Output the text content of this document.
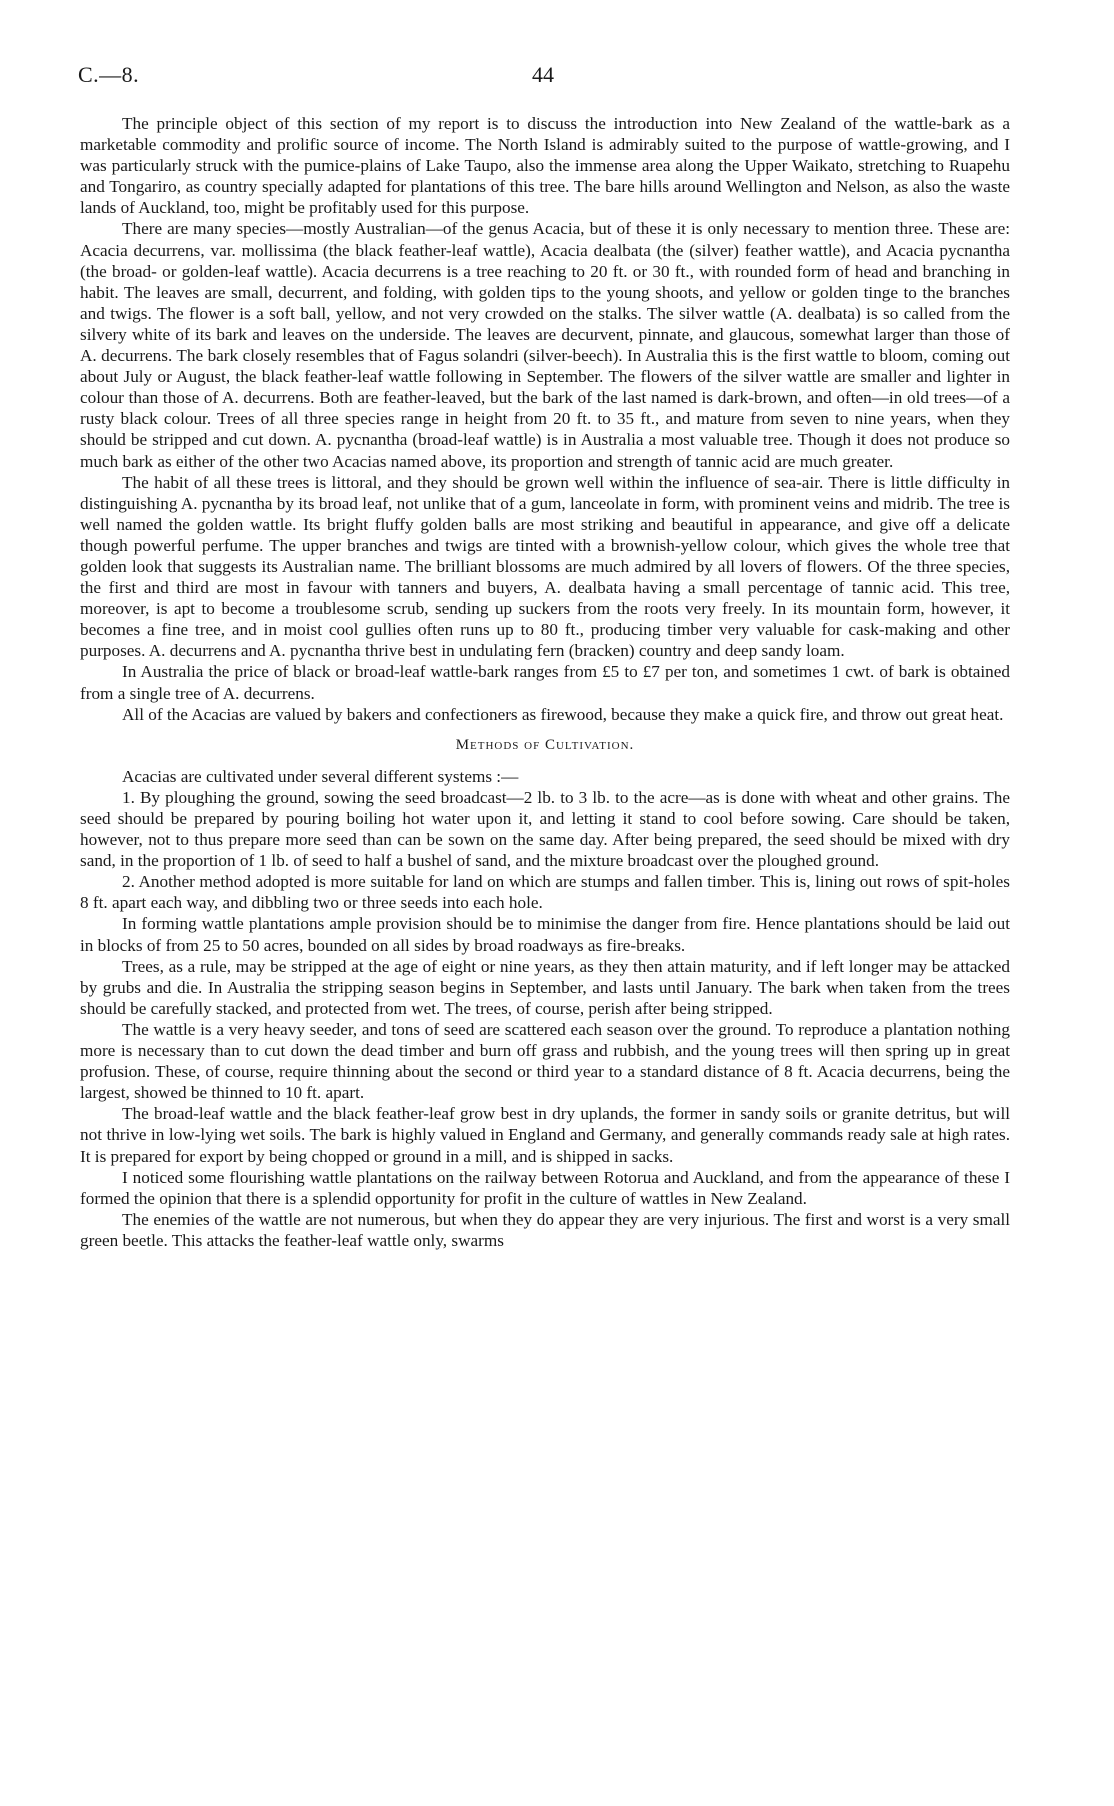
C.—8.	44

The principle object of this section of my report is to discuss the introduction into New Zealand of the wattle-bark as a marketable commodity and prolific source of income. The North Island is admirably suited to the purpose of wattle-growing, and I was particularly struck with the pumice-plains of Lake Taupo, also the immense area along the Upper Waikato, stretching to Ruapehu and Tongariro, as country specially adapted for plantations of this tree. The bare hills around Wellington and Nelson, as also the waste lands of Auckland, too, might be profitably used for this purpose.

There are many species—mostly Australian—of the genus Acacia, but of these it is only necessary to mention three. These are: Acacia decurrens, var. mollissima (the black feather-leaf wattle), Acacia dealbata (the (silver) feather wattle), and Acacia pycnantha (the broad- or golden-leaf wattle). Acacia decurrens is a tree reaching to 20 ft. or 30 ft., with rounded form of head and branching in habit. The leaves are small, decurrent, and folding, with golden tips to the young shoots, and yellow or golden tinge to the branches and twigs. The flower is a soft ball, yellow, and not very crowded on the stalks. The silver wattle (A. dealbata) is so called from the silvery white of its bark and leaves on the underside. The leaves are decurvent, pinnate, and glaucous, somewhat larger than those of A. decurrens. The bark closely resembles that of Fagus solandri (silver-beech). In Australia this is the first wattle to bloom, coming out about July or August, the black feather-leaf wattle following in September. The flowers of the silver wattle are smaller and lighter in colour than those of A. decurrens. Both are feather-leaved, but the bark of the last named is dark-brown, and often—in old trees—of a rusty black colour. Trees of all three species range in height from 20 ft. to 35 ft., and mature from seven to nine years, when they should be stripped and cut down. A. pycnantha (broad-leaf wattle) is in Australia a most valuable tree. Though it does not produce so much bark as either of the other two Acacias named above, its proportion and strength of tannic acid are much greater.

The habit of all these trees is littoral, and they should be grown well within the influence of sea-air. There is little difficulty in distinguishing A. pycnantha by its broad leaf, not unlike that of a gum, lanceolate in form, with prominent veins and midrib. The tree is well named the golden wattle. Its bright fluffy golden balls are most striking and beautiful in appearance, and give off a delicate though powerful perfume. The upper branches and twigs are tinted with a brownish-yellow colour, which gives the whole tree that golden look that suggests its Australian name. The brilliant blossoms are much admired by all lovers of flowers. Of the three species, the first and third are most in favour with tanners and buyers, A. dealbata having a small percentage of tannic acid. This tree, moreover, is apt to become a troublesome scrub, sending up suckers from the roots very freely. In its mountain form, however, it becomes a fine tree, and in moist cool gullies often runs up to 80 ft., producing timber very valuable for cask-making and other purposes. A. decurrens and A. pycnantha thrive best in undulating fern (bracken) country and deep sandy loam.

In Australia the price of black or broad-leaf wattle-bark ranges from £5 to £7 per ton, and sometimes 1 cwt. of bark is obtained from a single tree of A. decurrens.

All of the Acacias are valued by bakers and confectioners as firewood, because they make a quick fire, and throw out great heat.

Methods of Cultivation.

Acacias are cultivated under several different systems :—

1. By ploughing the ground, sowing the seed broadcast—2 lb. to 3 lb. to the acre—as is done with wheat and other grains. The seed should be prepared by pouring boiling hot water upon it, and letting it stand to cool before sowing. Care should be taken, however, not to thus prepare more seed than can be sown on the same day. After being prepared, the seed should be mixed with dry sand, in the proportion of 1 lb. of seed to half a bushel of sand, and the mixture broadcast over the ploughed ground.

2. Another method adopted is more suitable for land on which are stumps and fallen timber. This is, lining out rows of spit-holes 8 ft. apart each way, and dibbling two or three seeds into each hole.

In forming wattle plantations ample provision should be to minimise the danger from fire. Hence plantations should be laid out in blocks of from 25 to 50 acres, bounded on all sides by broad roadways as fire-breaks.

Trees, as a rule, may be stripped at the age of eight or nine years, as they then attain maturity, and if left longer may be attacked by grubs and die. In Australia the stripping season begins in September, and lasts until January. The bark when taken from the trees should be carefully stacked, and protected from wet. The trees, of course, perish after being stripped.

The wattle is a very heavy seeder, and tons of seed are scattered each season over the ground. To reproduce a plantation nothing more is necessary than to cut down the dead timber and burn off grass and rubbish, and the young trees will then spring up in great profusion. These, of course, require thinning about the second or third year to a standard distance of 8 ft. Acacia decurrens, being the largest, showed be thinned to 10 ft. apart.

The broad-leaf wattle and the black feather-leaf grow best in dry uplands, the former in sandy soils or granite detritus, but will not thrive in low-lying wet soils. The bark is highly valued in England and Germany, and generally commands ready sale at high rates. It is prepared for export by being chopped or ground in a mill, and is shipped in sacks.

I noticed some flourishing wattle plantations on the railway between Rotorua and Auckland, and from the appearance of these I formed the opinion that there is a splendid opportunity for profit in the culture of wattles in New Zealand.

The enemies of the wattle are not numerous, but when they do appear they are very injurious. The first and worst is a very small green beetle. This attacks the feather-leaf wattle only, swarms
